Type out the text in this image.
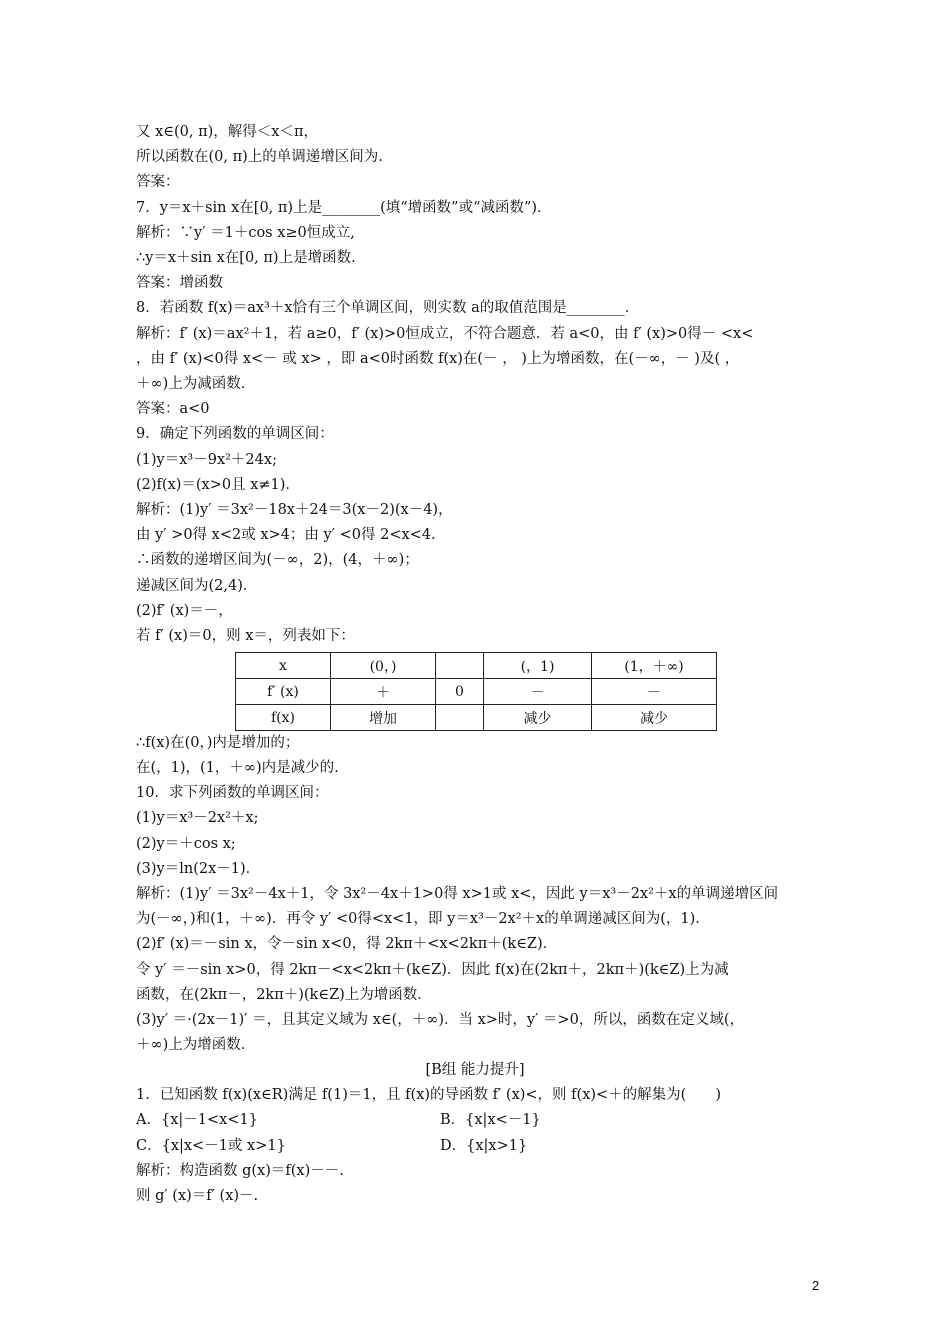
又 x∈(0, π)，解得＜x＜π，
所以函数在(0, π)上的单调递增区间为.
答案：
7．y＝x＋sin x在[0, π)上是________(填“增函数”或“减函数”)．
解析：∵y′ ＝1＋cos x≥0恒成立,
∴y＝x＋sin x在[0, π)上是增函数.
答案：增函数
8．若函数 f(x)＝ax³＋x恰有三个单调区间，则实数 a的取值范围是________．
解析：f′ (x)＝ax²＋1，若 a≥0，f′ (x)>0恒成立，不符合题意．若 a<0，由 f′ (x)>0得－ <x<
，由 f′ (x)<0得 x<－ 或 x> ，即 a<0时函数 f(x)在(－ ， )上为增函数，在(－∞，－ )及( ，
＋∞)上为减函数．
答案：a<0
9．确定下列函数的单调区间：
(1)y＝x³－9x²＋24x;
(2)f(x)＝(x>0且 x≠1)．
解析：(1)y′ ＝3x²－18x＋24＝3(x－2)(x－4)，
由 y′ >0得 x<2或 x>4；由 y′ <0得 2<x<4.
∴函数的递增区间为(－∞，2)，(4，＋∞)；
递减区间为(2,4)．
(2)f′ (x)＝－，
若 f′ (x)＝0，则 x＝，列表如下：
x	(0，)		(，1)	(1，＋∞)
f′ (x)	＋	0	－	－
f(x)	增加		减少	减少
∴f(x)在(0，)内是增加的；
在(，1)，(1，＋∞)内是减少的.
10．求下列函数的单调区间：
(1)y＝x³－2x²＋x;
(2)y＝＋cos x;
(3)y＝ln(2x－1)．
解析：(1)y′ ＝3x²－4x＋1，令 3x²－4x＋1>0得 x>1或 x<，因此 y＝x³－2x²＋x的单调递增区间
为(－∞，)和(1，＋∞)．再令 y′ <0得<x<1，即 y＝x³－2x²＋x的单调递减区间为(，1)．
(2)f′ (x)＝－sin x，令－sin x<0，得 2kπ＋<x<2kπ＋(k∈Z)．
令 y′ ＝－sin x>0，得 2kπ－<x<2kπ＋(k∈Z)．因此 f(x)在(2kπ＋，2kπ＋)(k∈Z)上为减
函数，在(2kπ－，2kπ＋)(k∈Z)上为增函数．
(3)y′ ＝·(2x－1)′ ＝，且其定义域为 x∈(，＋∞)．当 x>时，y′ ＝>0，所以，函数在定义域(，
＋∞)上为增函数．
[B组 能力提升]
1．已知函数 f(x)(x∈R)满足 f(1)＝1，且 f(x)的导函数 f′ (x)<，则 f(x)<＋的解集为(　　)
A．{x|－1<x<1}	B．{x|x<－1}
C．{x|x<－1或 x>1}	D．{x|x>1}
解析：构造函数 g(x)＝f(x)－－.
则 g′ (x)＝f′ (x)－.
2
